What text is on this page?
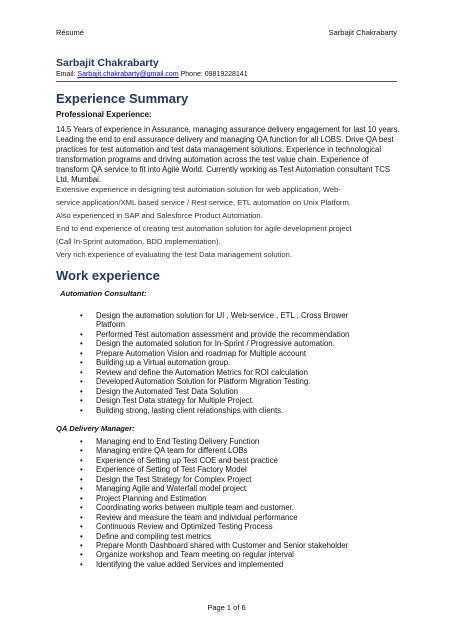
Résumé	Sarbajit Chakrabarty
Sarbajit Chakrabarty
Email: Sarbajit.chakrabarty@gmail.com Phone: 09819228141
Experience Summary
Professional Experience:

14.5 Years of experience in Assurance, managing assurance delivery engagement for last 10 years. Leading the end to end assurance delivery and managing QA function for all LOBS. Drive QA best practices for test automation and test data management solutions. Experience in technological transformation programs and driving automation across the test value chain. Experience of transform QA service to fit into Agile World. Currently working as Test Automation consultant TCS Ltd, Mumbai.

Extensive experience in designing test automation solution for web application, Web-
service application/XML based service / Rest service, ETL automation on Unix Platform.
Also experienced in SAP and Salesforce Product Automation.
End to end experience of creating test automation solution for agile development project
(Call In-Sprint automation, BDD implementation).
Very rich experience of evaluating the test Data management solution.
Work experience
Automation Consultant:
• Design the automation solution for UI , Web-service , ETL , Cross Brower Platform
• Performed Test automation assessment and provide the recommendation
• Design the automated solution for In-Sprint / Progressive automation.
• Prepare Automation Vision and roadmap for Multiple account
• Building up a Virtual automation group.
• Review and define the Automation Metrics for ROI calculation
• Developed Automation Solution for Platform Migration Testing.
• Design the Automated Test Data Solution
• Design Test Data strategy for Multiple Project.
• Building strong, lasting client relationships with clients.
QA Delivery Manager:
• Managing end to End Testing Delivery Function
• Managing entire QA team for different LOBs
• Experience of Setting up Test COE and best practice
• Experience of Setting of Test Factory Model
• Design the Test Strategy for Complex Project
• Managing Agile and Waterfall model project
• Project Planning and Estimation
• Coordinating works between multiple team and customer.
• Review and measure the team and individual performance
• Continuous Review and Optimized Testing Process
• Define and compiling test metrics
• Prepare Month Dashboard shared with Customer and Senior stakeholder
• Organize workshop and Team meeting on regular interval
• Identifying the value added Services and implemented
Page 1 of 6
